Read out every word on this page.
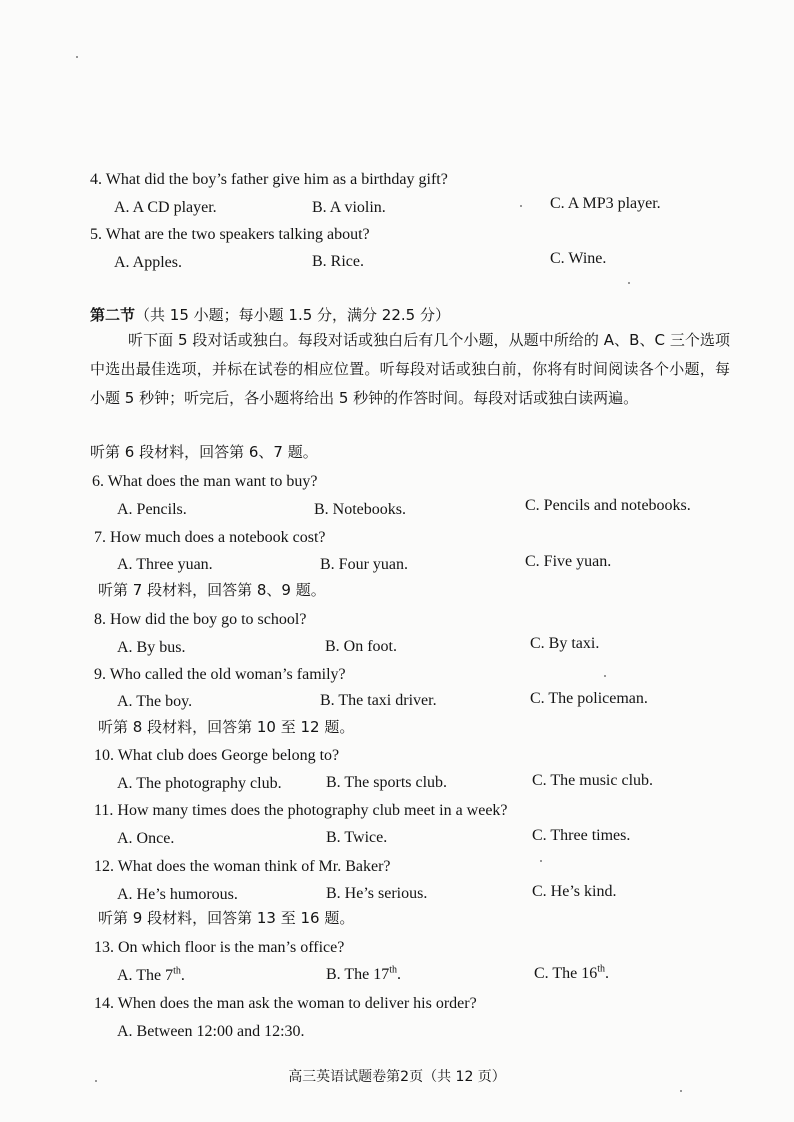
4. What did the boy’s father give him as a birthday gift?
A. A CD player.	B. A violin.	C. A MP3 player.
5. What are the two speakers talking about?
A. Apples.	B. Rice.	C. Wine.
第二节（共 15 小题；每小题 1.5 分，满分 22.5 分）
听下面 5 段对话或独白。每段对话或独白后有几个小题，从题中所给的 A、B、C 三个选项中选出最佳选项，并标在试卷的相应位置。听每段对话或独白前，你将有时间阅读各个小题，每小题 5 秒钟；听完后，各小题将给出 5 秒钟的作答时间。每段对话或独白读两遍。
听第 6 段材料，回答第 6、7 题。
6. What does the man want to buy?
A. Pencils.	B. Notebooks.	C. Pencils and notebooks.
7. How much does a notebook cost?
A. Three yuan.	B. Four yuan.	C. Five yuan.
听第 7 段材料，回答第 8、9 题。
8. How did the boy go to school?
A. By bus.	B. On foot.	C. By taxi.
9. Who called the old woman’s family?
A. The boy.	B. The taxi driver.	C. The policeman.
听第 8 段材料，回答第 10 至 12 题。
10. What club does George belong to?
A. The photography club.	B. The sports club.	C. The music club.
11. How many times does the photography club meet in a week?
A. Once.	B. Twice.	C. Three times.
12. What does the woman think of Mr. Baker?
A. He’s humorous.	B. He’s serious.	C. He’s kind.
听第 9 段材料，回答第 13 至 16 题。
13. On which floor is the man’s office?
A. The 7th.	B. The 17th.	C. The 16th.
14. When does the man ask the woman to deliver his order?
A. Between 12:00 and 12:30.
高三英语试题卷第2页（共 12 页）
